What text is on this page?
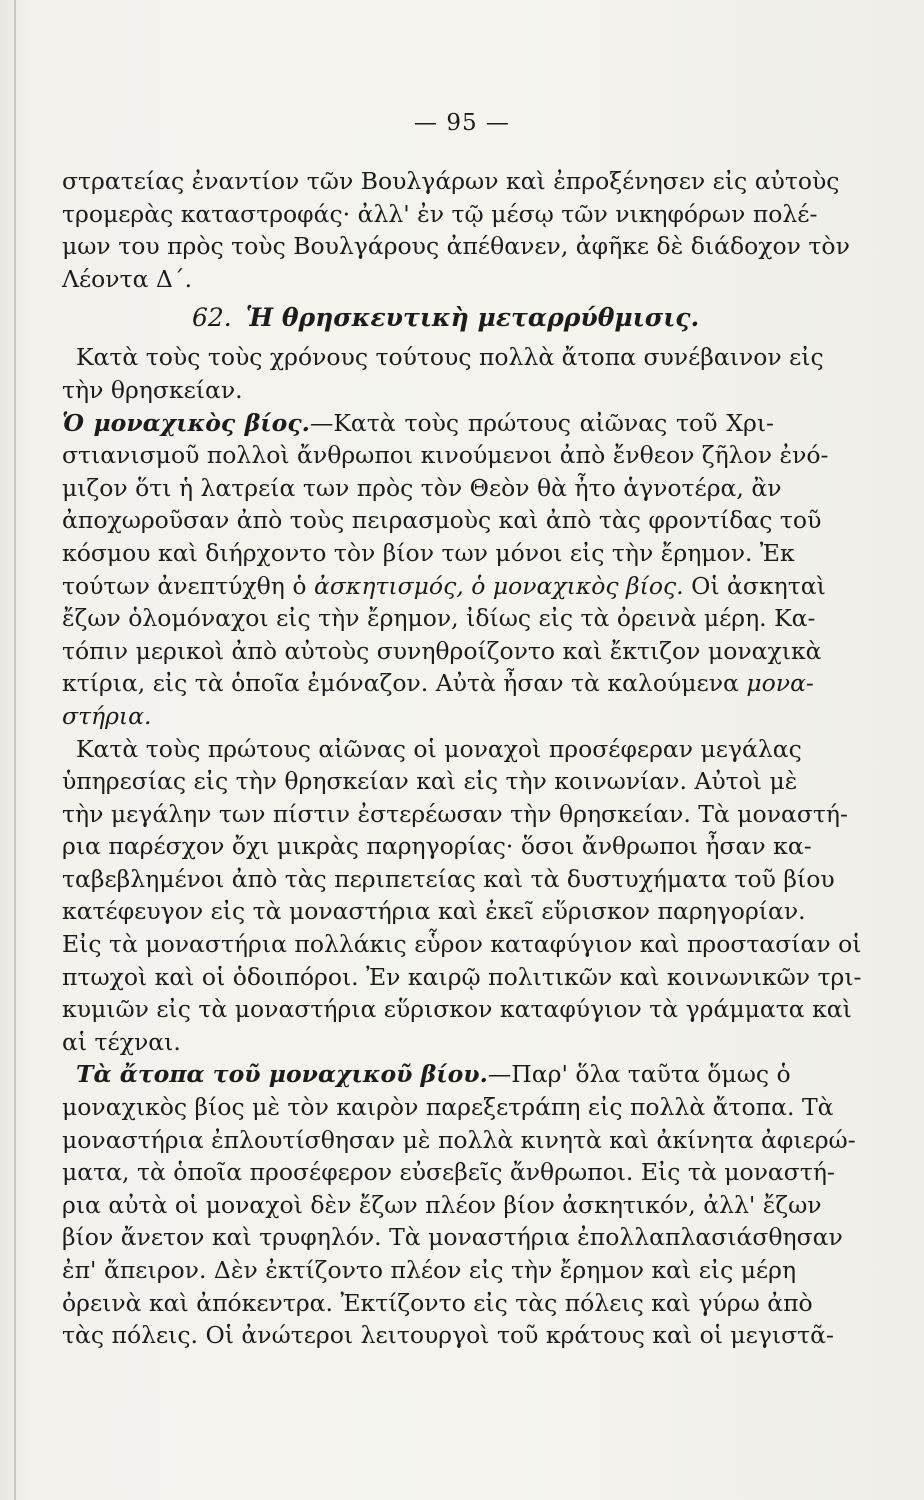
— 95 —
στρατείας ἐναντίον τῶν Βουλγάρων καὶ ἐπροξένησεν εἰς αὐτοὺς
τρομερὰς καταστροφάς· ἀλλ' ἐν τῷ μέσῳ τῶν νικηφόρων πολέ-
μων του πρὸς τοὺς Βουλγάρους ἀπέθανεν, ἀφῆκε δὲ διάδοχον τὸν
Λέοντα Δ΄.
62. Ἡ θρησκευτικὴ μεταρρύθμισις.
Κατὰ τοὺς τοὺς χρόνους τούτους πολλὰ ἄτοπα συνέβαινον εἰς
τὴν θρησκείαν.
Ὁ μοναχικὸς βίος.—Κατὰ τοὺς πρώτους αἰῶνας τοῦ Χρι-
στιανισμοῦ πολλοὶ ἄνθρωποι κινούμενοι ἀπὸ ἔνθεον ζῆλον ἐνό-
μιζον ὅτι ἡ λατρεία των πρὸς τὸν Θεὸν θὰ ἦτο ἁγνοτέρα, ἂν
ἀποχωροῦσαν ἀπὸ τοὺς πειρασμοὺς καὶ ἀπὸ τὰς φροντίδας τοῦ
κόσμου καὶ διήρχοντο τὸν βίον των μόνοι εἰς τὴν ἔρημον. Ἐκ
τούτων ἀνεπτύχθη ὁ ἀσκητισμός, ὁ μοναχικὸς βίος. Οἱ ἀσκηταὶ
ἔζων ὁλομόναχοι εἰς τὴν ἔρημον, ἰδίως εἰς τὰ ὀρεινὰ μέρη. Κα-
τόπιν μερικοὶ ἀπὸ αὐτοὺς συνηθροίζοντο καὶ ἔκτιζον μοναχικὰ
κτίρια, εἰς τὰ ὁποῖα ἐμόναζον. Αὐτὰ ἦσαν τὰ καλούμενα μονα-
στήρια.
Κατὰ τοὺς πρώτους αἰῶνας οἱ μοναχοὶ προσέφεραν μεγάλας
ὑπηρεσίας εἰς τὴν θρησκείαν καὶ εἰς τὴν κοινωνίαν. Αὐτοὶ μὲ
τὴν μεγάλην των πίστιν ἐστερέωσαν τὴν θρησκείαν. Τὰ μοναστή-
ρια παρέσχον ὄχι μικρὰς παρηγορίας· ὅσοι ἄνθρωποι ἦσαν κα-
ταβεβλημένοι ἀπὸ τὰς περιπετείας καὶ τὰ δυστυχήματα τοῦ βίου
κατέφευγον εἰς τὰ μοναστήρια καὶ ἐκεῖ εὕρισκον παρηγορίαν.
Εἰς τὰ μοναστήρια πολλάκις εὗρον καταφύγιον καὶ προστασίαν οἱ
πτωχοὶ καὶ οἱ ὁδοιπόροι. Ἐν καιρῷ πολιτικῶν καὶ κοινωνικῶν τρι-
κυμιῶν εἰς τὰ μοναστήρια εὕρισκον καταφύγιον τὰ γράμματα καὶ
αἱ τέχναι.
Τὰ ἄτοπα τοῦ μοναχικοῦ βίου.—Παρ' ὅλα ταῦτα ὅμως ὁ
μοναχικὸς βίος μὲ τὸν καιρὸν παρεξετράπη εἰς πολλὰ ἄτοπα. Τὰ
μοναστήρια ἐπλουτίσθησαν μὲ πολλὰ κινητὰ καὶ ἀκίνητα ἀφιερώ-
ματα, τὰ ὁποῖα προσέφερον εὐσεβεῖς ἄνθρωποι. Εἰς τὰ μοναστή-
ρια αὐτὰ οἱ μοναχοὶ δὲν ἔζων πλέον βίον ἀσκητικόν, ἀλλ' ἔζων
βίον ἄνετον καὶ τρυφηλόν. Τὰ μοναστήρια ἐπολλαπλασιάσθησαν
ἐπ' ἄπειρον. Δὲν ἐκτίζοντο πλέον εἰς τὴν ἔρημον καὶ εἰς μέρη
ὀρεινὰ καὶ ἀπόκεντρα. Ἐκτίζοντο εἰς τὰς πόλεις καὶ γύρω ἀπὸ
τὰς πόλεις. Οἱ ἀνώτεροι λειτουργοὶ τοῦ κράτους καὶ οἱ μεγιστᾶ-
